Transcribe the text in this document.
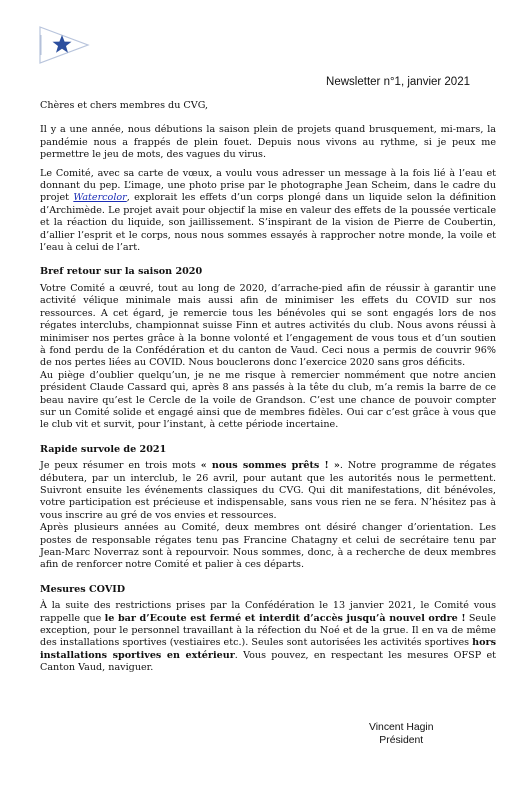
Newsletter n°1, janvier 2021

Chères et chers membres du CVG,

Il y a une année, nous débutions la saison plein de projets quand brusquement, mi-mars, la pandémie nous a frappés de plein fouet. Depuis nous vivons au rythme, si je peux me permettre le jeu de mots, des vagues du virus.

Le Comité, avec sa carte de vœux, a voulu vous adresser un message à la fois lié à l’eau et donnant du pep. L’image, une photo prise par le photographe Jean Scheim, dans le cadre du projet Watercolor, explorait les effets d’un corps plongé dans un liquide selon la définition d’Archimède. Le projet avait pour objectif la mise en valeur des effets de la poussée verticale et la réaction du liquide, son jaillissement. S’inspirant de la vision de Pierre de Coubertin, d’allier l’esprit et le corps, nous nous sommes essayés à rapprocher notre monde, la voile et l’eau à celui de l’art.

Bref retour sur la saison 2020

Votre Comité a œuvré, tout au long de 2020, d’arrache-pied afin de réussir à garantir une activité vélique minimale mais aussi afin de minimiser les effets du COVID sur nos ressources. A cet égard, je remercie tous les bénévoles qui se sont engagés lors de nos régates interclubs, championnat suisse Finn et autres activités du club. Nous avons réussi à minimiser nos pertes grâce à la bonne volonté et l’engagement de vous tous et d’un soutien à fond perdu de la Confédération et du canton de Vaud. Ceci nous a permis de couvrir 96% de nos pertes liées au COVID. Nous bouclerons donc l’exercice 2020 sans gros déficits.

Au piège d’oublier quelqu’un, je ne me risque à remercier nommément que notre ancien président Claude Cassard qui, après 8 ans passés à la tête du club, m’a remis la barre de ce beau navire qu’est le Cercle de la voile de Grandson. C’est une chance de pouvoir compter sur un Comité solide et engagé ainsi que de membres fidèles. Oui car c’est grâce à vous que le club vit et survit, pour l’instant, à cette période incertaine.

Rapide survole de 2021

Je peux résumer en trois mots « nous sommes prêts ! ». Notre programme de régates débutera, par un interclub, le 26 avril, pour autant que les autorités nous le permettent. Suivront ensuite les événements classiques du CVG. Qui dit manifestations, dit bénévoles, votre participation est précieuse et indispensable, sans vous rien ne se fera. N’hésitez pas à vous inscrire au gré de vos envies et ressources.

Après plusieurs années au Comité, deux membres ont désiré changer d’orientation. Les postes de responsable régates tenu pas Francine Chatagny et celui de secrétaire tenu par Jean-Marc Noverraz sont à repourvoir. Nous sommes, donc, à a recherche de deux membres afin de renforcer notre Comité et palier à ces départs.

Mesures COVID

À la suite des restrictions prises par la Confédération le 13 janvier 2021, le Comité vous rappelle que le bar d’Ecoute est fermé et interdit d’accès jusqu’à nouvel ordre ! Seule exception, pour le personnel travaillant à la réfection du Noé et de la grue. Il en va de même des installations sportives (vestiaires etc.). Seules sont autorisées les activités sportives hors installations sportives en extérieur. Vous pouvez, en respectant les mesures OFSP et Canton Vaud, naviguer.

Vincent Hagin
Président
